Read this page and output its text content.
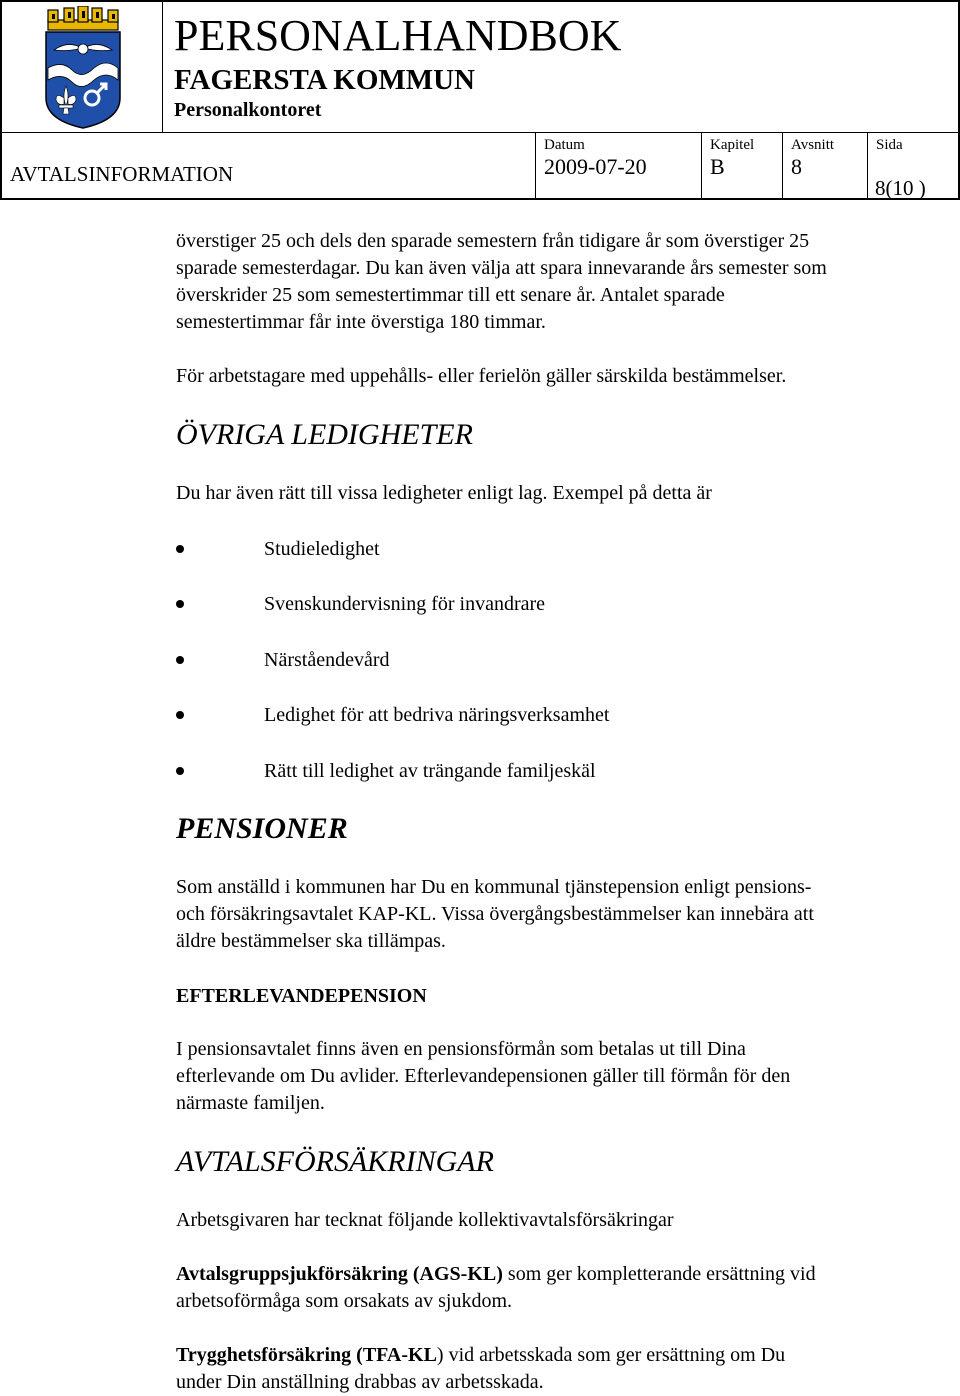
PERSONALHANDBOK
FAGERSTA KOMMUN
Personalkontoret
AVTALSINFORMATION
Datum
2009-07-20
Kapitel
B
Avsnitt
8
Sida
8(10 )

överstiger 25 och dels den sparade semestern från tidigare år som överstiger 25
sparade semesterdagar. Du kan även välja att spara innevarande års semester som
överskrider 25 som semestertimmar till ett senare år. Antalet sparade
semestertimmar får inte överstiga 180 timmar.

För arbetstagare med uppehålls- eller ferielön gäller särskilda bestämmelser.

ÖVRIGA LEDIGHETER

Du har även rätt till vissa ledigheter enligt lag. Exempel på detta är

Studieledighet
Svenskundervisning för invandrare
Närståendevård
Ledighet för att bedriva näringsverksamhet
Rätt till ledighet av trängande familjeskäl
PENSIONER

Som anställd i kommunen har Du en kommunal tjänstepension enligt pensions-
och försäkringsavtalet KAP-KL. Vissa övergångsbestämmelser kan innebära att
äldre bestämmelser ska tillämpas.

EFTERLEVANDEPENSION

I pensionsavtalet finns även en pensionsförmån som betalas ut till Dina
efterlevande om Du avlider. Efterlevandepensionen gäller till förmån för den
närmaste familjen.

AVTALSFÖRSÄKRINGAR

Arbetsgivaren har tecknat följande kollektivavtalsförsäkringar

Avtalsgruppsjukförsäkring (AGS-KL) som ger kompletterande ersättning vid
arbetsoförmåga som orsakats av sjukdom.

Trygghetsförsäkring (TFA-KL) vid arbetsskada som ger ersättning om Du
under Din anställning drabbas av arbetsskada.
